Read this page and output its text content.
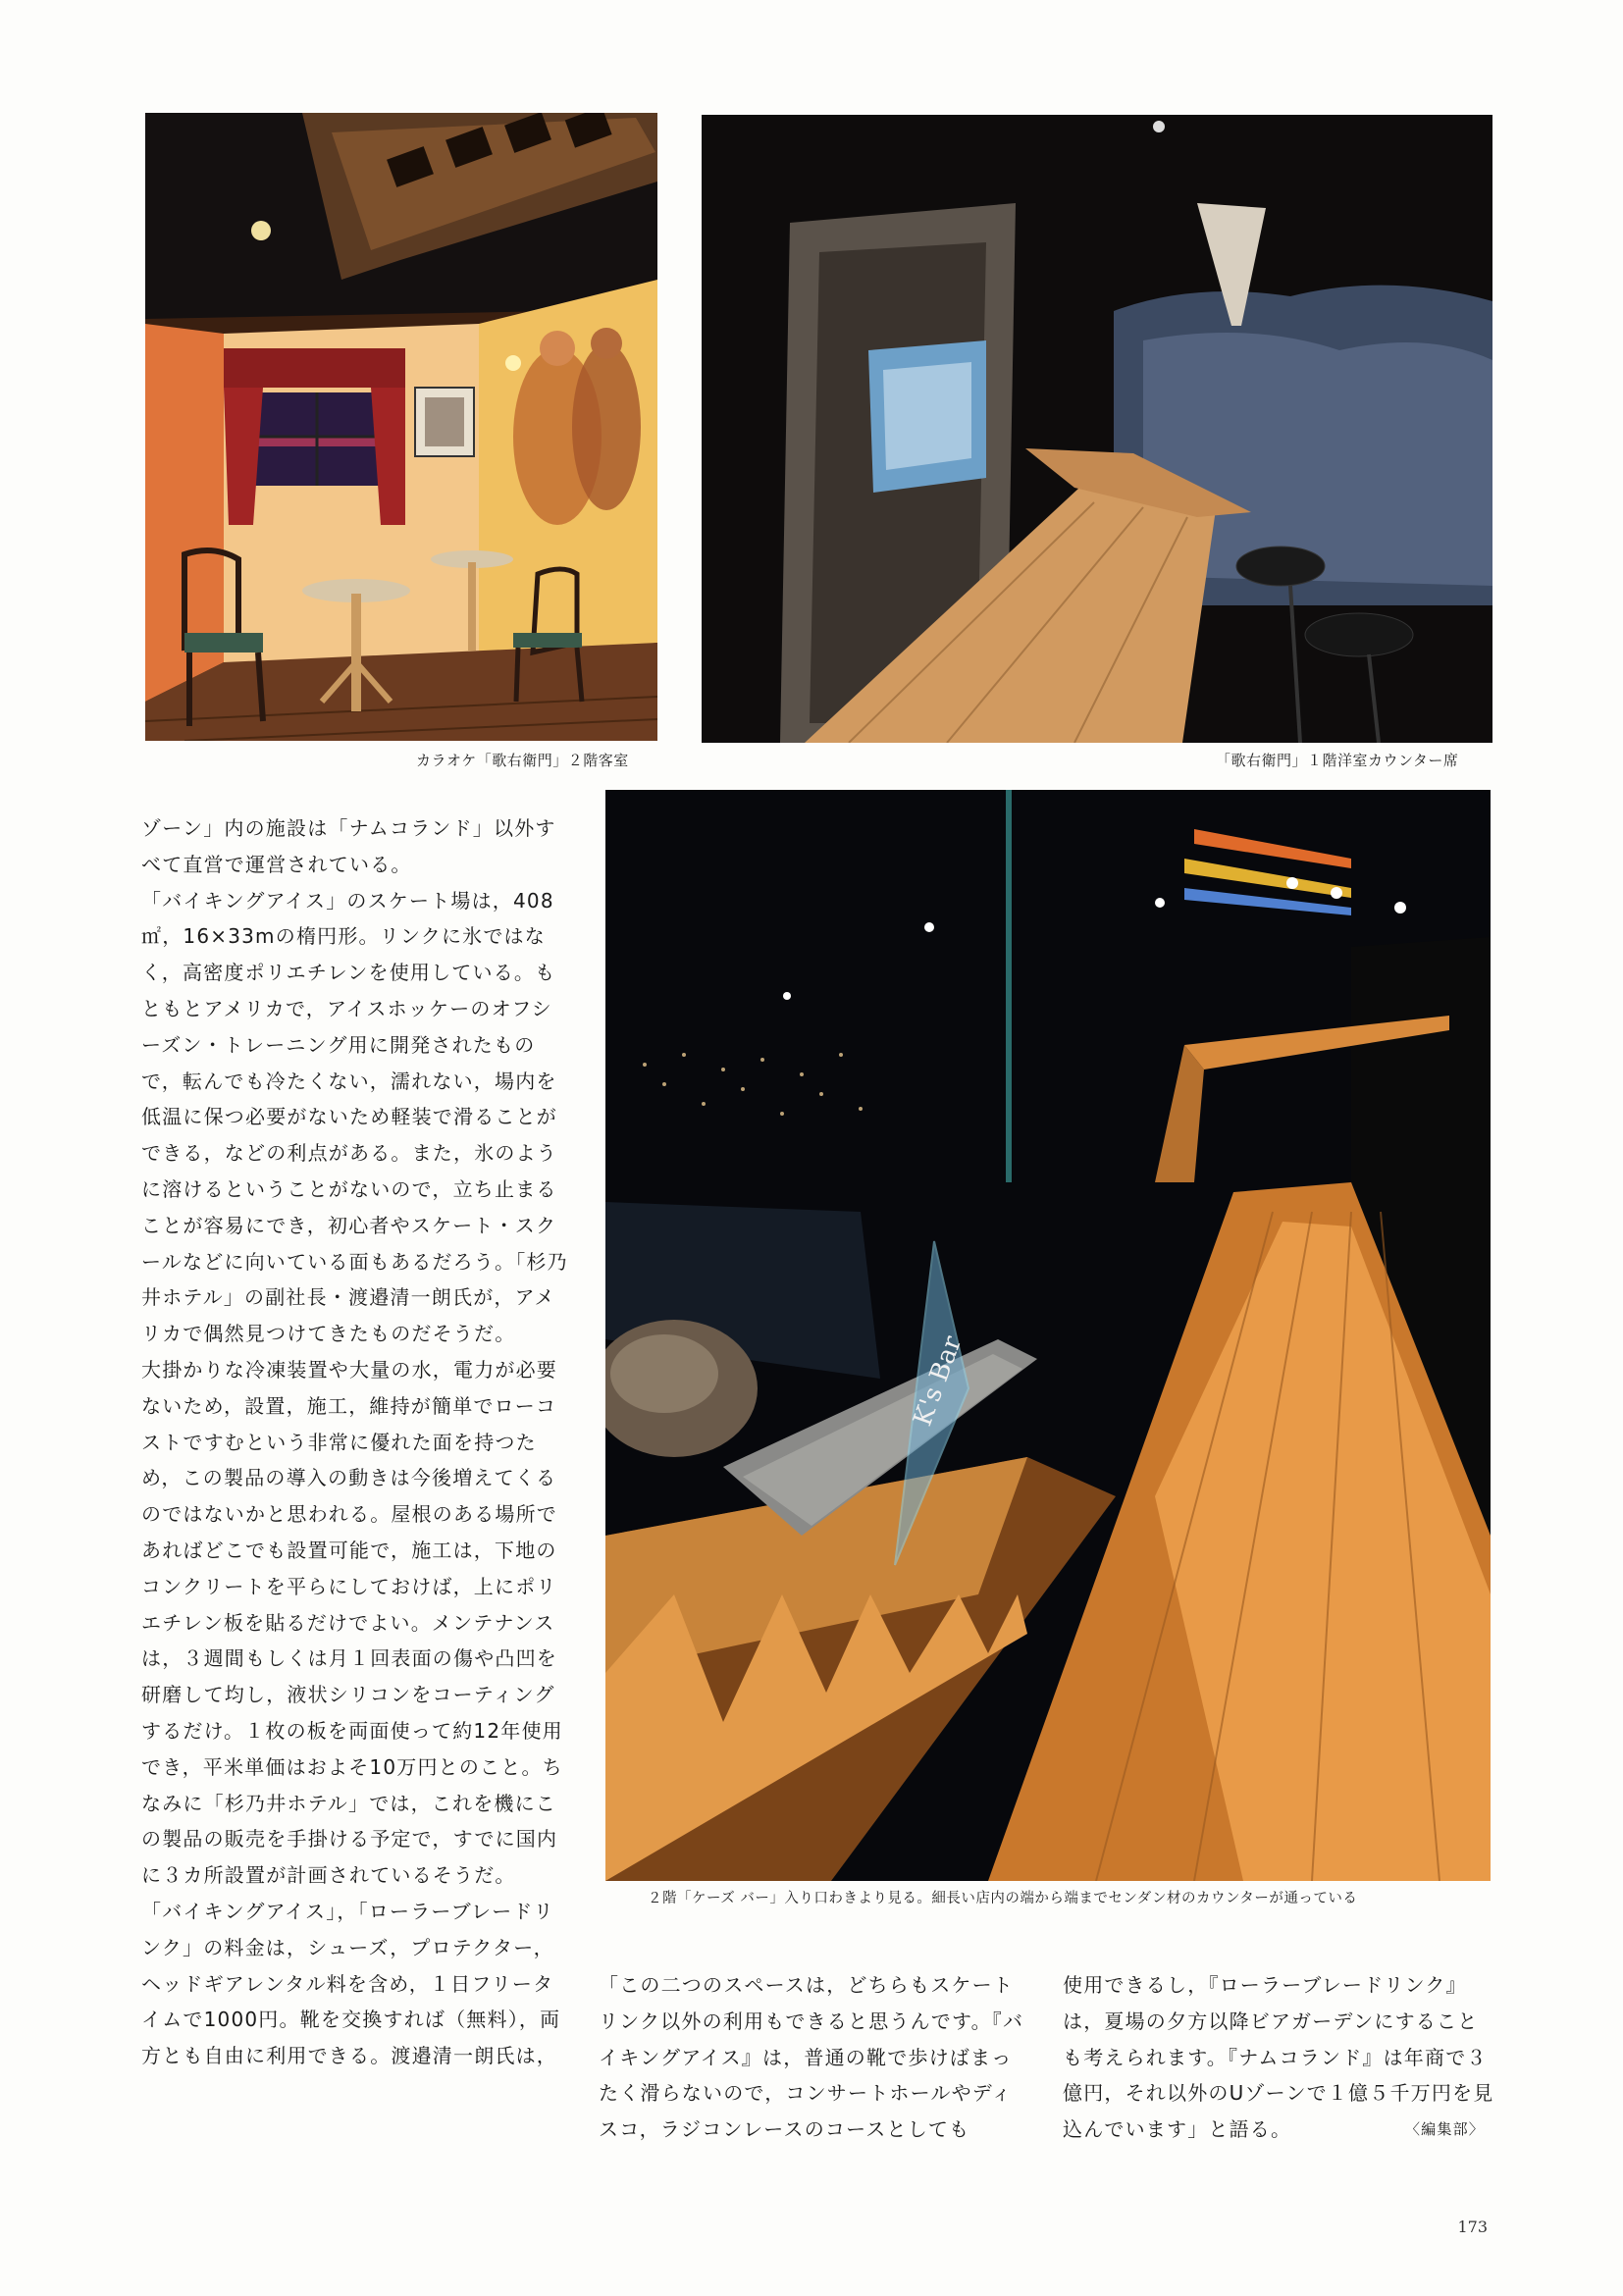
カラオケ「歌右衛門」２階客室	「歌右衛門」１階洋室カウンター席
K's Bar
２階「ケーズ バー」入り口わきより見る。細長い店内の端から端までセンダン材のカウンターが通っている

ゾーン」内の施設は「ナムコランド」以外すべて直営で運営されている。

「バイキングアイス」のスケート場は，408㎡，16×33mの楕円形。リンクに氷ではなく，高密度ポリエチレンを使用している。もともとアメリカで，アイスホッケーのオフシーズン・トレーニング用に開発されたもので，転んでも冷たくない，濡れない，場内を低温に保つ必要がないため軽装で滑ることができる，などの利点がある。また，氷のように溶けるということがないので，立ち止まることが容易にでき，初心者やスケート・スクールなどに向いている面もあるだろう。「杉乃井ホテル」の副社長・渡邉清一朗氏が，アメリカで偶然見つけてきたものだそうだ。

大掛かりな冷凍装置や大量の水，電力が必要ないため，設置，施工，維持が簡単でローコストですむという非常に優れた面を持つため，この製品の導入の動きは今後増えてくるのではないかと思われる。屋根のある場所であればどこでも設置可能で，施工は，下地のコンクリートを平らにしておけば，上にポリエチレン板を貼るだけでよい。メンテナンスは，３週間もしくは月１回表面の傷や凸凹を研磨して均し，液状シリコンをコーティングするだけ。１枚の板を両面使って約12年使用でき，平米単価はおよそ10万円とのこと。ちなみに「杉乃井ホテル」では，これを機にこの製品の販売を手掛ける予定で，すでに国内に３カ所設置が計画されているそうだ。

「バイキングアイス」，「ローラーブレードリンク」の料金は，シューズ，プロテクター，ヘッドギアレンタル料を含め，１日フリータイムで1000円。靴を交換すれば（無料），両方とも自由に利用できる。渡邉清一朗氏は，

「この二つのスペースは，どちらもスケートリンク以外の利用もできると思うんです。『バイキングアイス』は，普通の靴で歩けばまったく滑らないので，コンサートホールやディスコ，ラジコンレースのコースとしても

使用できるし，『ローラーブレードリンク』は，夏場の夕方以降ビアガーデンにすることも考えられます。『ナムコランド』は年商で３億円，それ以外のUゾーンで１億５千万円を見込んでいます」と語る。	〈編集部〉

173
